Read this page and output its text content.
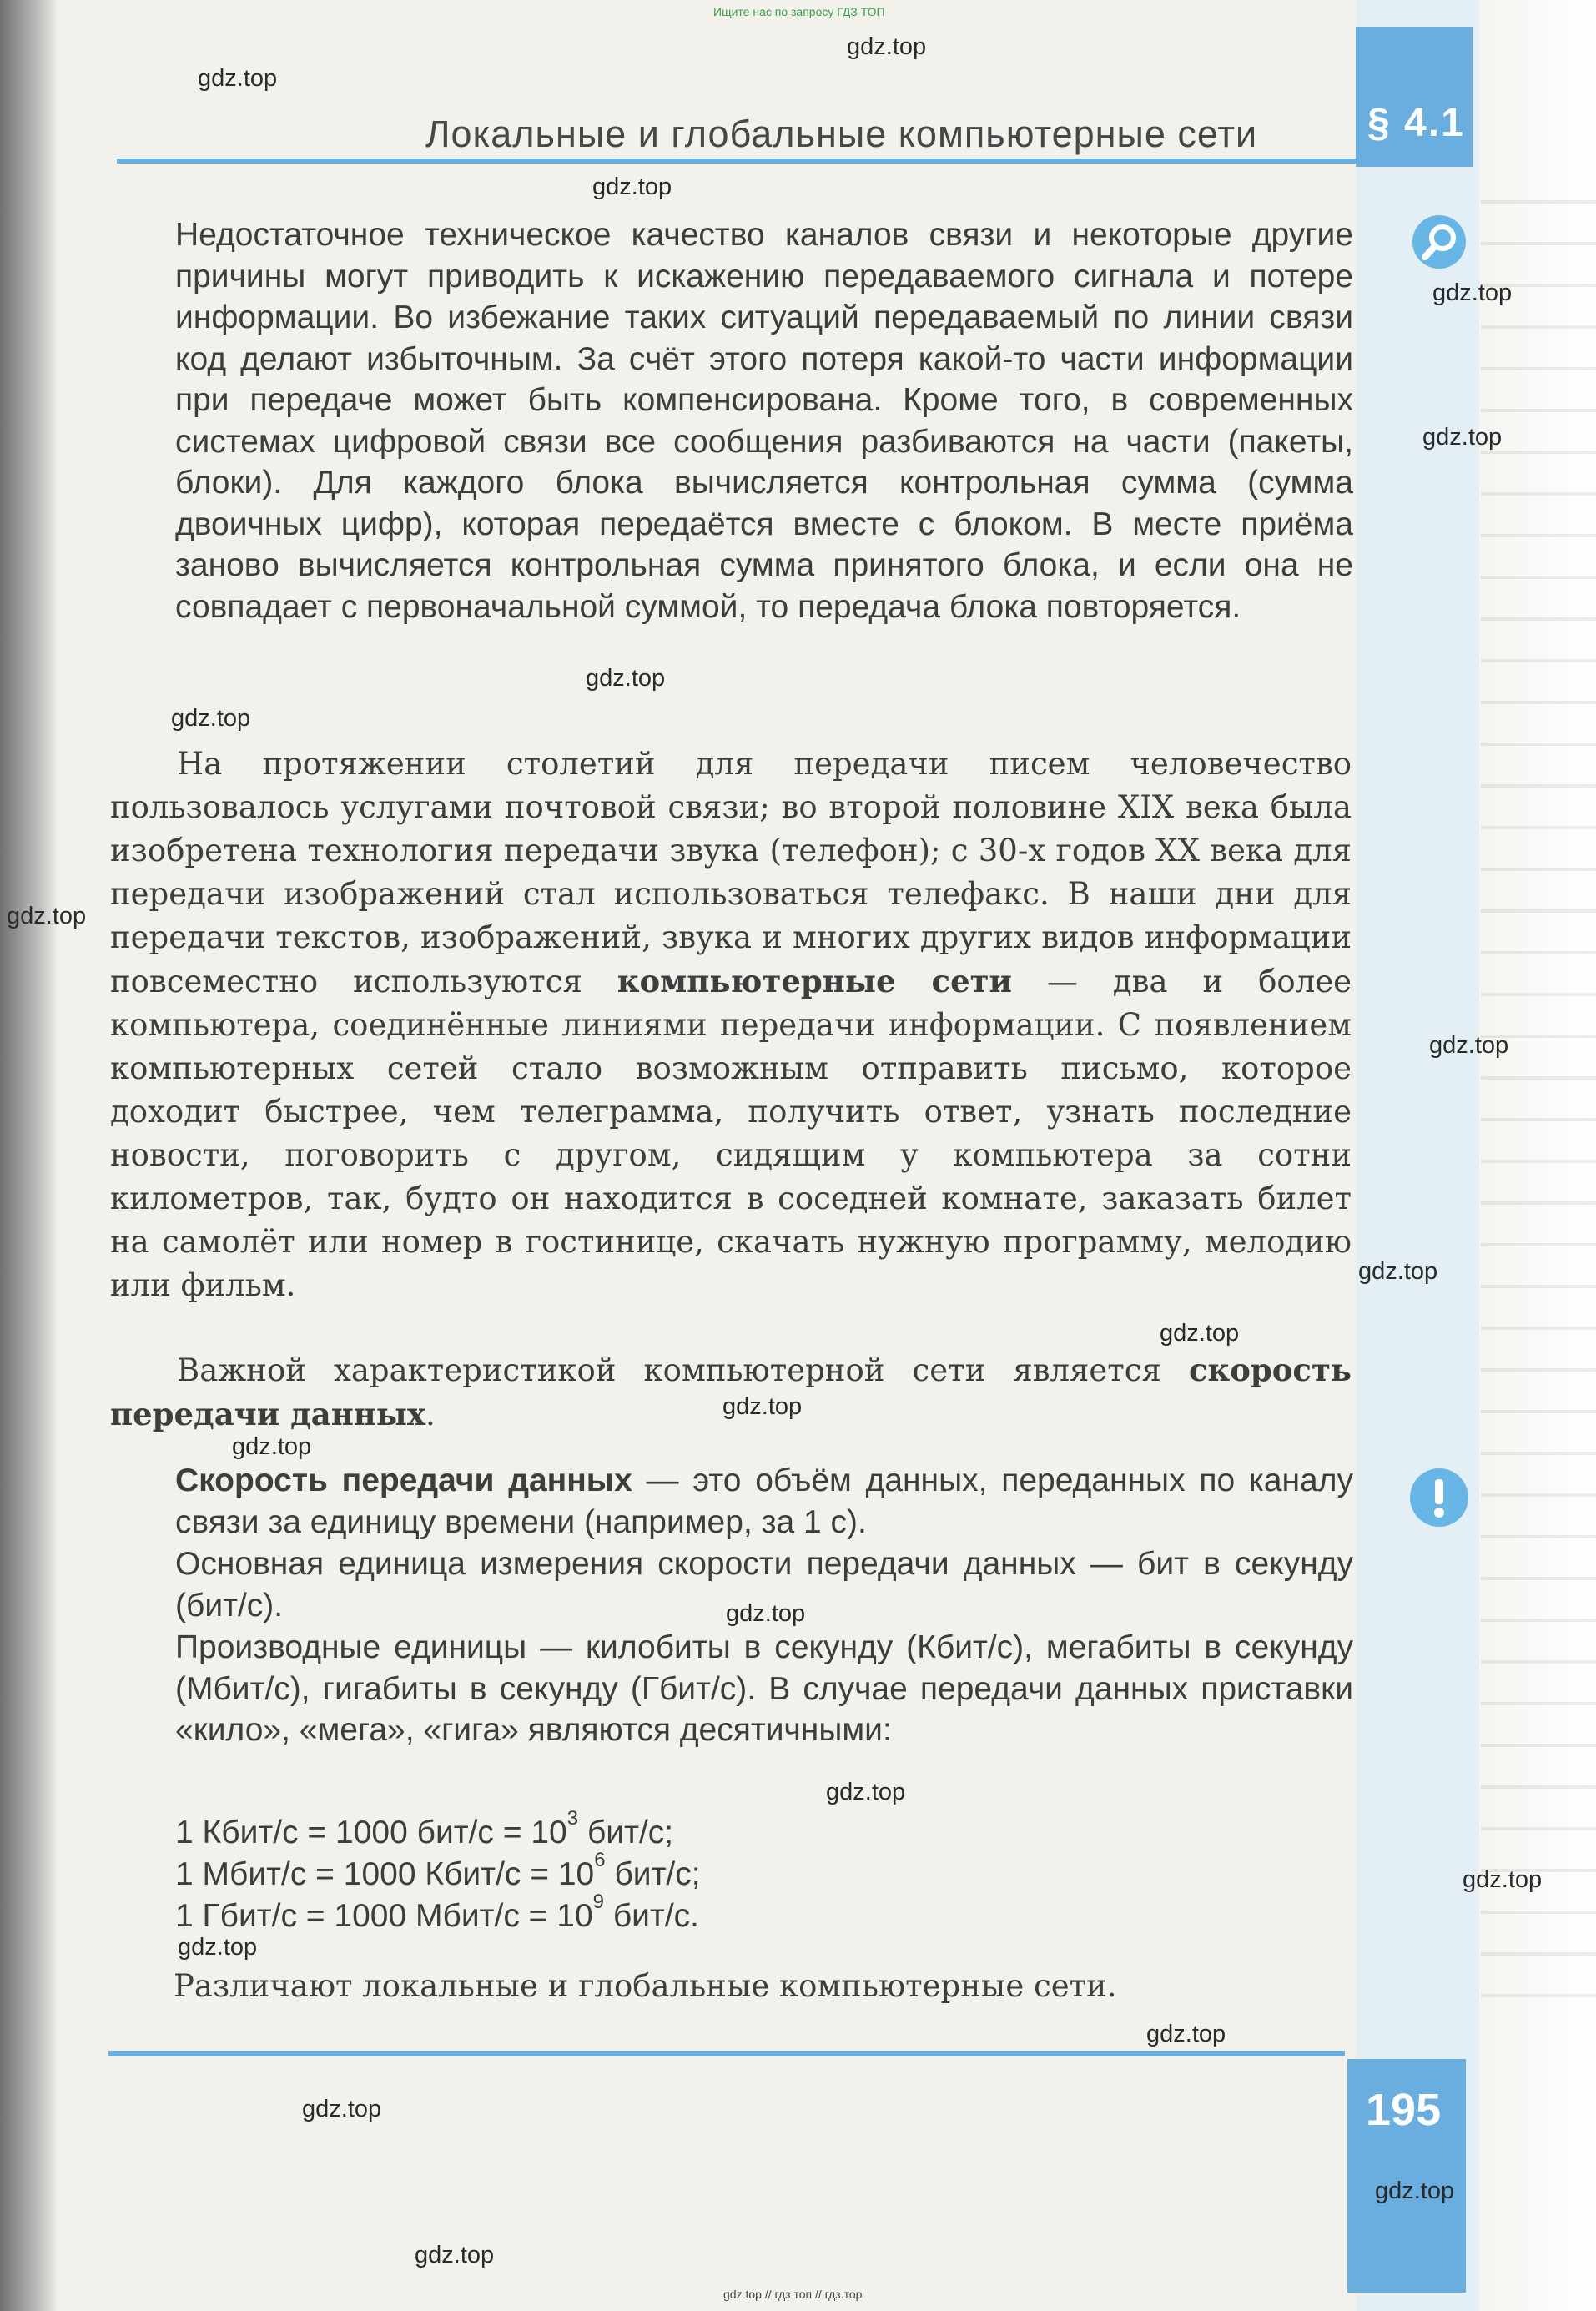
Ищите нас по запросу ГДЗ ТОП
Локальные и глобальные компьютерные сети	§ 4.1

Недостаточное техническое качество каналов связи и некоторые другие причины могут приводить к искажению передаваемого сигнала и потере информации. Во избежание таких ситуаций передаваемый по линии связи код делают избыточным. За счёт этого потеря какой-то части информации при передаче может быть компенсирована. Кроме того, в современных системах цифровой связи все сообщения разбиваются на части (пакеты, блоки). Для каждого блока вычисляется контрольная сумма (сумма двоичных цифр), которая передаётся вместе с блоком. В месте приёма заново вычисляется контрольная сумма принятого блока, и если она не совпадает с первоначальной суммой, то передача блока повторяется.

На протяжении столетий для передачи писем человечество пользовалось услугами почтовой связи; во второй половине XIX века была изобретена технология передачи звука (телефон); с 30-х годов XX века для передачи изображений стал использоваться телефакс. В наши дни для передачи текстов, изображений, звука и многих других видов информации повсеместно используются компьютерные сети — два и более компьютера, соединённые линиями передачи информации. С появлением компьютерных сетей стало возможным отправить письмо, которое доходит быстрее, чем телеграмма, получить ответ, узнать последние новости, поговорить с другом, сидящим у компьютера за сотни километров, так, будто он находится в соседней комнате, заказать билет на самолёт или номер в гостинице, скачать нужную программу, мелодию или фильм.

Важной характеристикой компьютерной сети является скорость передачи данных.

Скорость передачи данных — это объём данных, переданных по каналу связи за единицу времени (например, за 1 с).

Основная единица измерения скорости передачи данных — бит в секунду (бит/с).

Производные единицы — килобиты в секунду (Кбит/с), мегабиты в секунду (Мбит/с), гигабиты в секунду (Гбит/с). В случае передачи данных приставки «кило», «мега», «гига» являются десятичными:

1 Кбит/с = 1000 $бит/с = 10^3$ бит/с;
1 Мбит/с = 1000 Кбит/с = $10^6$ бит/с;
1 Гбит/с = 1000 Мбит/с = $10^9$ бит/с.

Различают локальные и глобальные компьютерные сети.

195
gdz top // гдз топ // гдз.тор
gdz.top
gdz.top
gdz.top
gdz.top
gdz.top
gdz.top
gdz.top
gdz.top
gdz.top
gdz.top
gdz.top
gdz.top
gdz.top
gdz.top
gdz.top
gdz.top
gdz.top
gdz.top
gdz.top
gdz.top
gdz.top
